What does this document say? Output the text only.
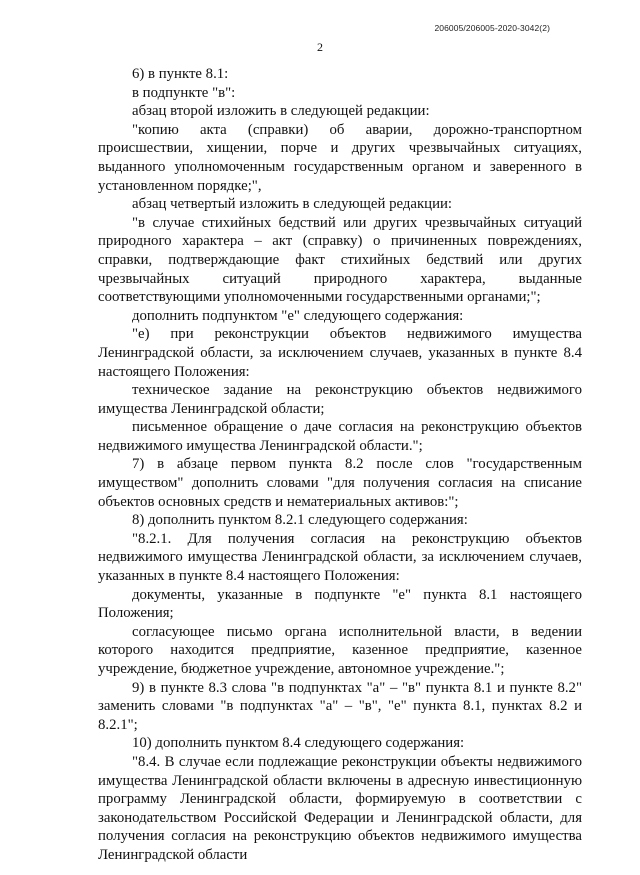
206005/206005-2020-3042(2)
2

6) в пункте 8.1:

в подпункте "в":

абзац второй изложить в следующей редакции:

"копию акта (справки) об аварии, дорожно-транспортном происшествии, хищении, порче и других чрезвычайных ситуациях, выданного уполномоченным государственным органом и заверенного в установленном порядке;",

абзац четвертый изложить в следующей редакции:

"в случае стихийных бедствий или других чрезвычайных ситуаций природного характера – акт (справку) о причиненных повреждениях, справки, подтверждающие факт стихийных бедствий или других чрезвычайных ситуаций природного характера, выданные соответствующими уполномоченными государственными органами;";

дополнить подпунктом "е" следующего содержания:

"е) при реконструкции объектов недвижимого имущества Ленинградской области, за исключением случаев, указанных в пункте 8.4 настоящего Положения:

техническое задание на реконструкцию объектов недвижимого имущества Ленинградской области;

письменное обращение о даче согласия на реконструкцию объектов недвижимого имущества Ленинградской области.";

7) в абзаце первом пункта 8.2 после слов "государственным имуществом" дополнить словами "для получения согласия на списание объектов основных средств и нематериальных активов:";

8) дополнить пунктом 8.2.1 следующего содержания:

"8.2.1. Для получения согласия на реконструкцию объектов недвижимого имущества Ленинградской области, за исключением случаев, указанных в пункте 8.4 настоящего Положения:

документы, указанные в подпункте "е" пункта 8.1 настоящего Положения;

согласующее письмо органа исполнительной власти, в ведении которого находится предприятие, казенное предприятие, казенное учреждение, бюджетное учреждение, автономное учреждение.";

9) в пункте 8.3 слова "в подпунктах "а" – "в" пункта 8.1 и пункте 8.2" заменить словами "в подпунктах "а" – "в", "е" пункта 8.1, пунктах 8.2 и 8.2.1";

10) дополнить пунктом 8.4 следующего содержания:

"8.4. В случае если подлежащие реконструкции объекты недвижимого имущества Ленинградской области включены в адресную инвестиционную программу Ленинградской области, формируемую в соответствии с законодательством Российской Федерации и Ленинградской области, для получения согласия на реконструкцию объектов недвижимого имущества Ленинградской области
